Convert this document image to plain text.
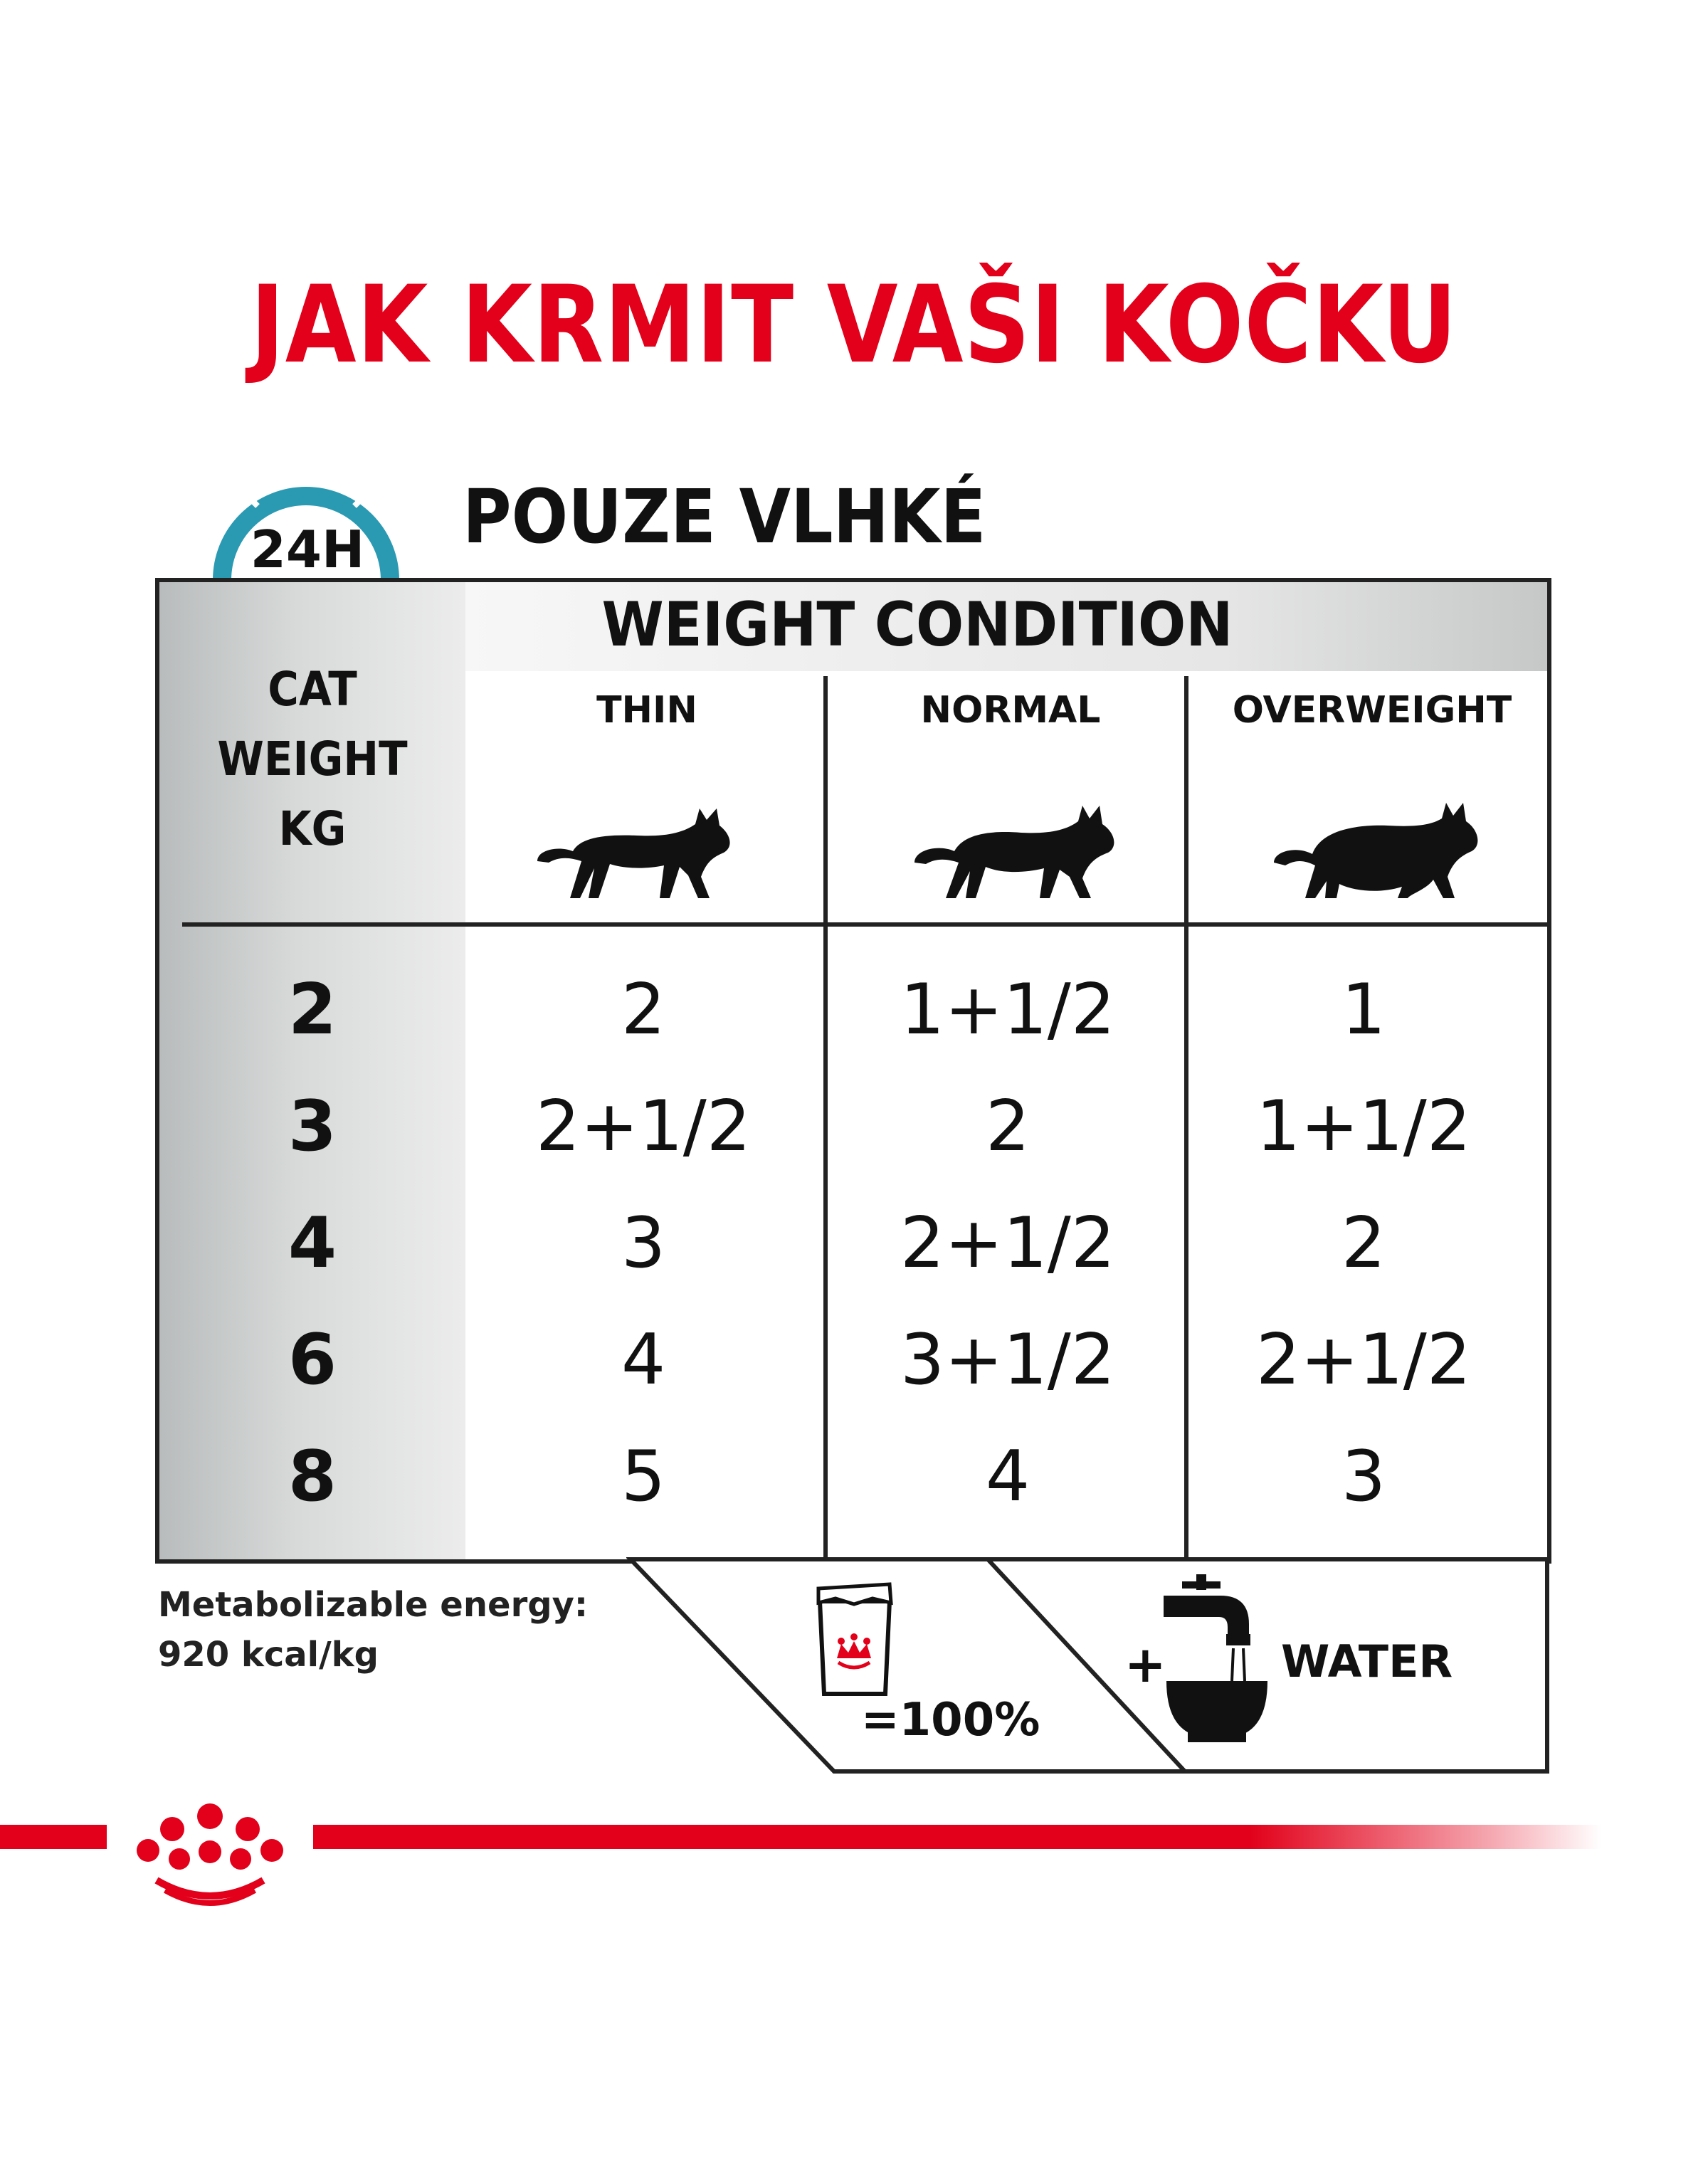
JAK KRMIT VAŠI KOČKU
24H POUZE VLHKÉ
WEIGHT CONDITION
CAT
WEIGHT
KG
THIN	NORMAL	OVERWEIGHT
2	2	1+1/2	1
3	2+1/2	2	1+1/2
4	3	2+1/2	2
6	4	3+1/2	2+1/2
8	5	4	3
Metabolizable energy:
920 kcal/kg
=100%
+	WATER
